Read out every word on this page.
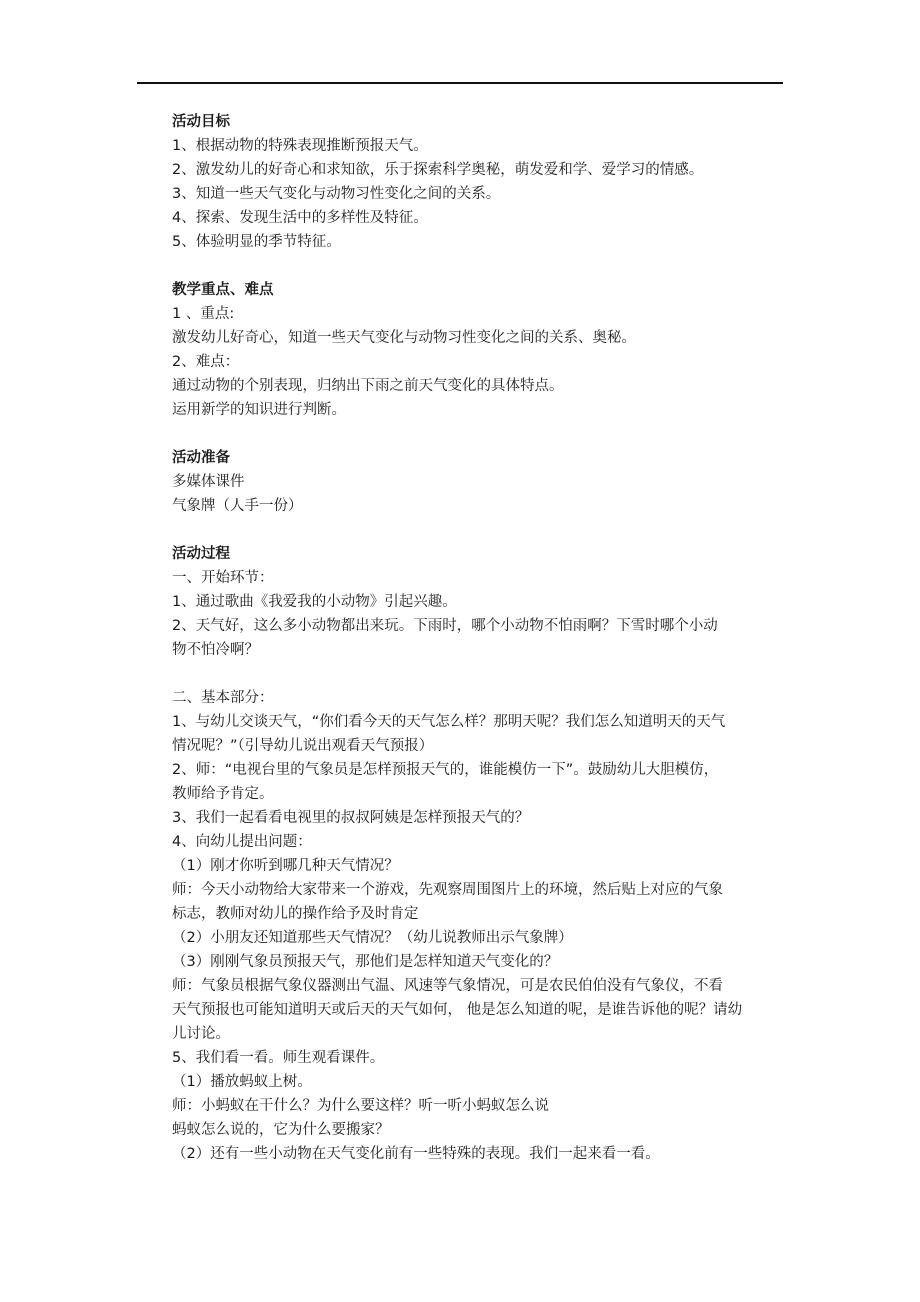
活动目标

1、根据动物的特殊表现推断预报天气。

2、激发幼儿的好奇心和求知欲，乐于探索科学奥秘，萌发爱和学、爱学习的情感。

3、知道一些天气变化与动物习性变化之间的关系。

4、探索、发现生活中的多样性及特征。

5、体验明显的季节特征。

教学重点、难点

1 、重点:

激发幼儿好奇心，知道一些天气变化与动物习性变化之间的关系、奥秘。

2、难点：

通过动物的个别表现，归纳出下雨之前天气变化的具体特点。

运用新学的知识进行判断。

活动准备

多媒体课件

气象牌（人手一份）

活动过程

一、开始环节：

1、通过歌曲《我爱我的小动物》引起兴趣。

2、天气好，这么多小动物都出来玩。下雨时，哪个小动物不怕雨啊？下雪时哪个小动

物不怕冷啊？

二、基本部分：

1、与幼儿交谈天气，“你们看今天的天气怎么样？那明天呢？我们怎么知道明天的天气

情况呢？”（引导幼儿说出观看天气预报）

2、师：“电视台里的气象员是怎样预报天气的，谁能模仿一下”。鼓励幼儿大胆模仿，

教师给予肯定。

3、我们一起看看电视里的叔叔阿姨是怎样预报天气的？

4、向幼儿提出问题：

（1）刚才你听到哪几种天气情况？

师：今天小动物给大家带来一个游戏，先观察周围图片上的环境，然后贴上对应的气象

标志，教师对幼儿的操作给予及时肯定

（2）小朋友还知道那些天气情况？（幼儿说教师出示气象牌）

（3）刚刚气象员预报天气，那他们是怎样知道天气变化的？

师：气象员根据气象仪器测出气温、风速等气象情况，可是农民伯伯没有气象仪，不看

天气预报也可能知道明天或后天的天气如何， 他是怎么知道的呢，是谁告诉他的呢？请幼

儿讨论。

5、我们看一看。师生观看课件。

（1）播放蚂蚁上树。

师：小蚂蚁在干什么？为什么要这样？听一听小蚂蚁怎么说

蚂蚁怎么说的，它为什么要搬家？

（2）还有一些小动物在天气变化前有一些特殊的表现。我们一起来看一看。
